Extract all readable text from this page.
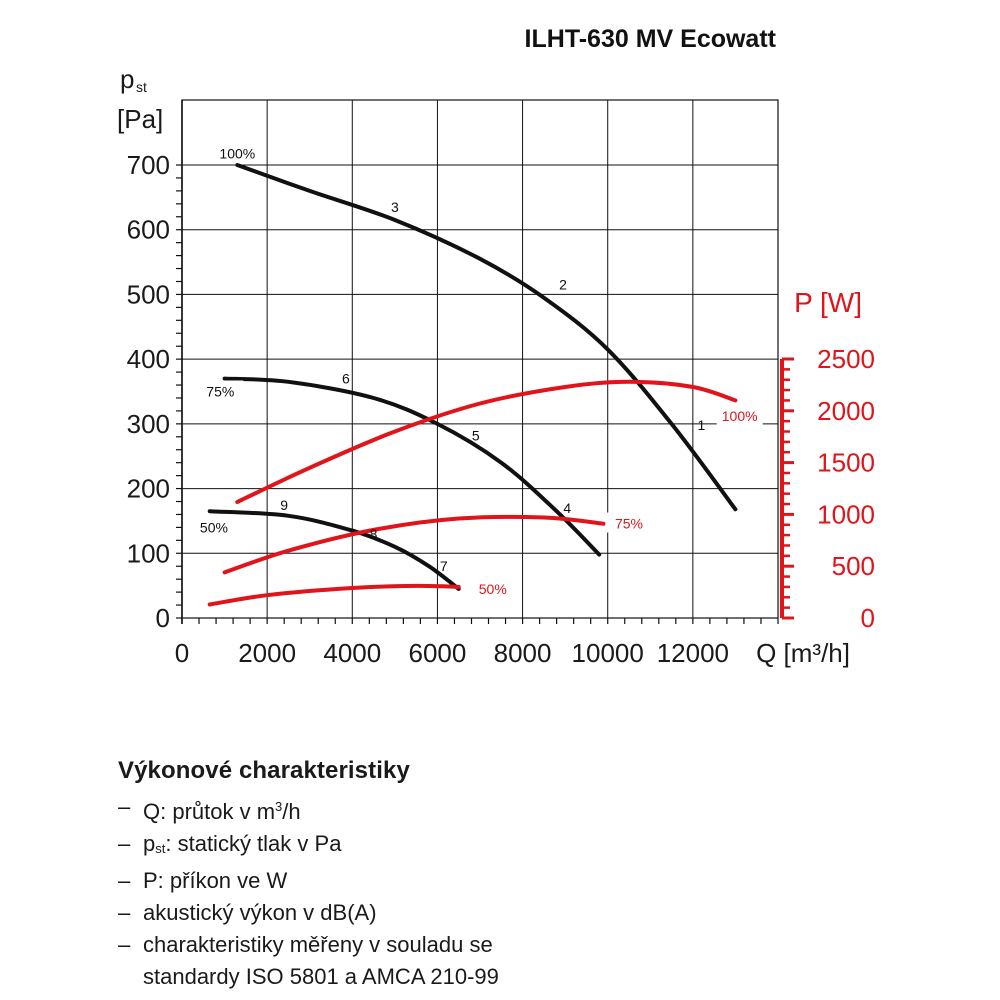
1
2
3
4
5
6
7
8
9
100%
75%
50%
100%
75%
50%
0 2000 4000 6000 8000 10000 12000
0
100
200
300
400
500
600
700
0
500
1000
1500
2000
2500
ILHT-630 MV Ecowatt
p st
[Pa]
P [W]
Q [m³/h]
Výkonové charakteristiky
– Q: průtok v $m^3/h$
– $p_{st}$: statický tlak v Pa
– P: příkon ve W
– akustický výkon v dB(A)
– charakteristiky měřeny v souladu se
standardy ISO 5801 a AMCA 210-99
